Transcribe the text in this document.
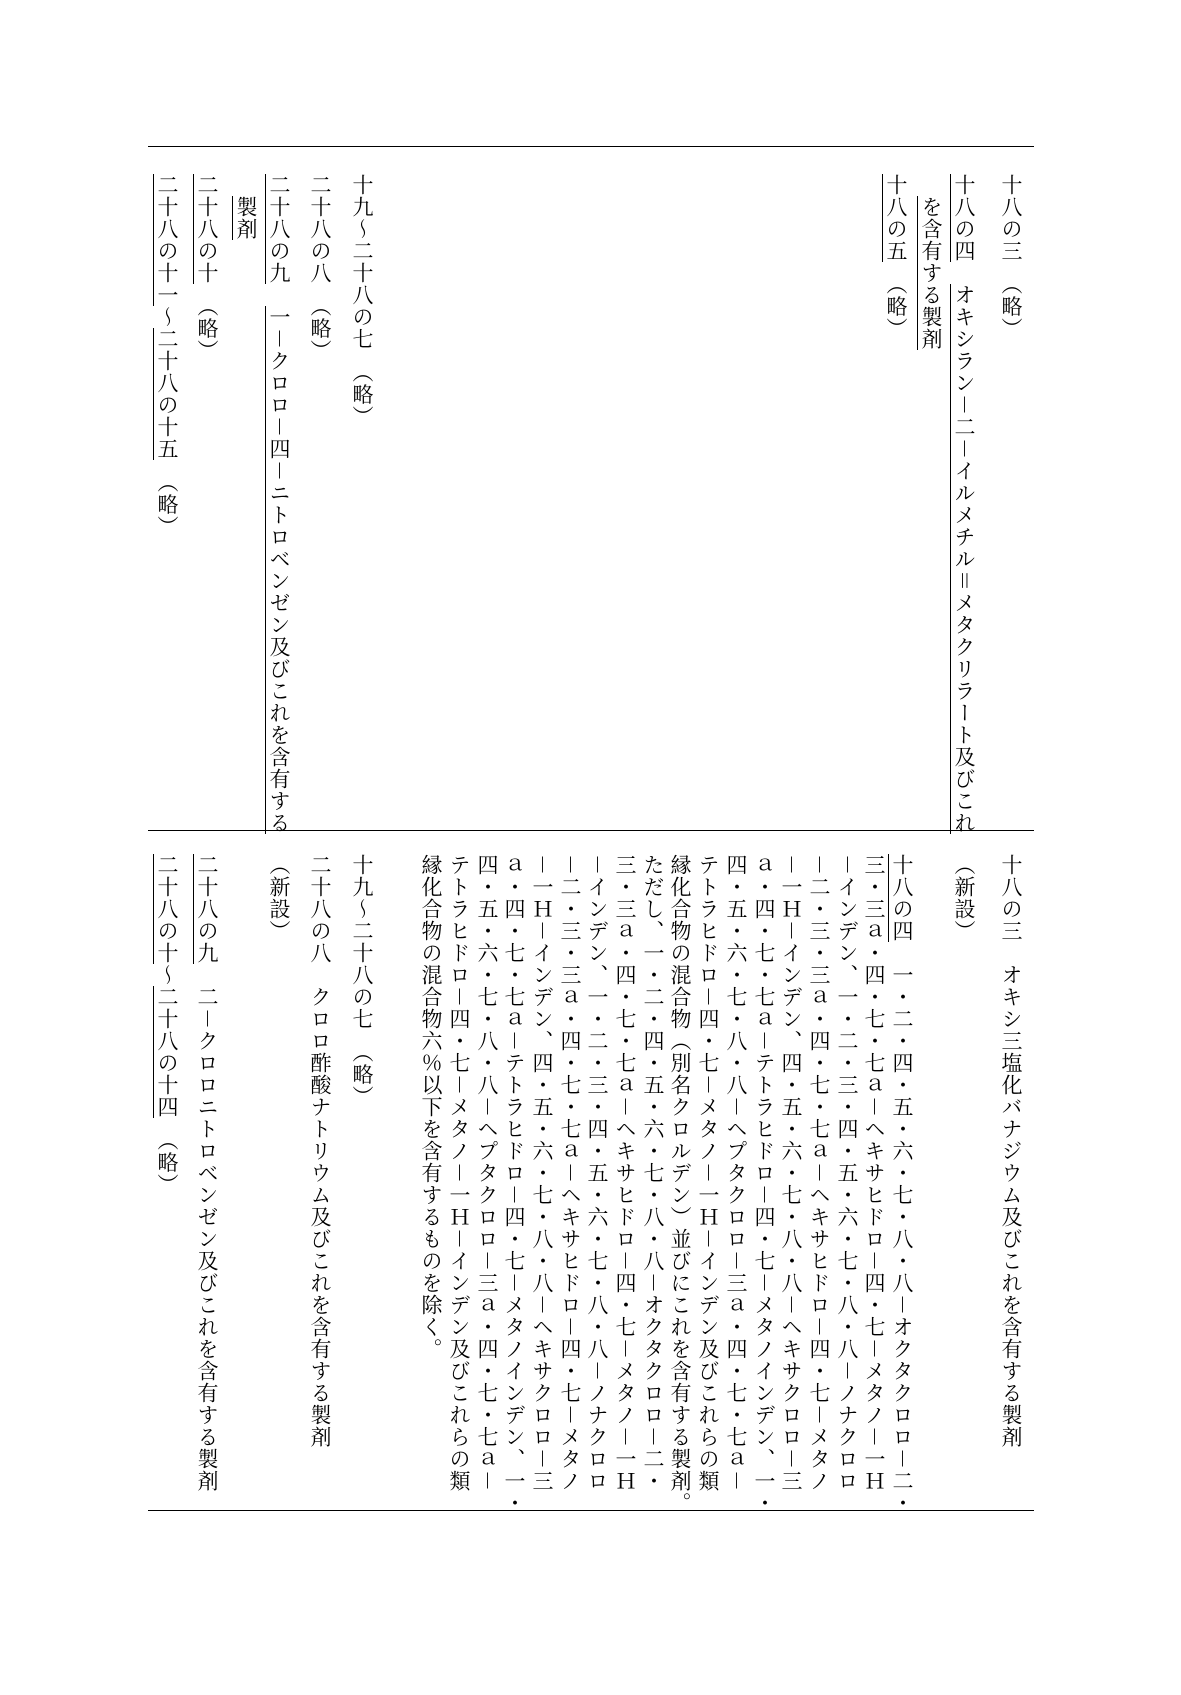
十八の三　（略）
十八の四　オキシラン－二－イルメチル＝メタクリラート及びこれ
を含有する製剤
十八の五　（略）
十九～二十八の七　（略）
二十八の八　（略）
二十八の九　一－クロロ－四－ニトロベンゼン及びこれを含有する
製剤
二十八の十　（略）
二十八の十一～二十八の十五　（略）
十八の三　オキシ三塩化バナジウム及びこれを含有する製剤
（新設）
十八の四　一・二・四・五・六・七・八・八－オクタクロロ－二・
三・三ａ・四・七・七ａ－ヘキサヒドロ－四・七－メタノ－一Ｈ
－インデン、一・二・三・四・五・六・七・八・八－ノナクロロ
－二・三・三ａ・四・七・七ａ－ヘキサヒドロ－四・七－メタノ
－一Ｈ－インデン、四・五・六・七・八・八－ヘキサクロロ－三
ａ・四・七・七ａ－テトラヒドロ－四・七－メタノインデン、一・
四・五・六・七・八・八－ヘプタクロロ－三ａ・四・七・七ａ－
テトラヒドロ－四・七－メタノ－一Ｈ－インデン及びこれらの類
縁化合物の混合物（別名クロルデン）並びにこれを含有する製剤。
ただし、一・二・四・五・六・七・八・八－オクタクロロ－二・
三・三ａ・四・七・七ａ－ヘキサヒドロ－四・七－メタノ－一Ｈ
－インデン、一・二・三・四・五・六・七・八・八－ノナクロロ
－二・三・三ａ・四・七・七ａ－ヘキサヒドロ－四・七－メタノ
－一Ｈ－インデン、四・五・六・七・八・八－ヘキサクロロ－三
ａ・四・七・七ａ－テトラヒドロ－四・七－メタノインデン、一・
四・五・六・七・八・八－ヘプタクロロ－三ａ・四・七・七ａ－
テトラヒドロ－四・七－メタノ－一Ｈ－インデン及びこれらの類
縁化合物の混合物六％以下を含有するものを除く。
十九～二十八の七　（略）
二十八の八　クロロ酢酸ナトリウム及びこれを含有する製剤
（新設）
二十八の九　二－クロロニトロベンゼン及びこれを含有する製剤
二十八の十～二十八の十四　（略）
